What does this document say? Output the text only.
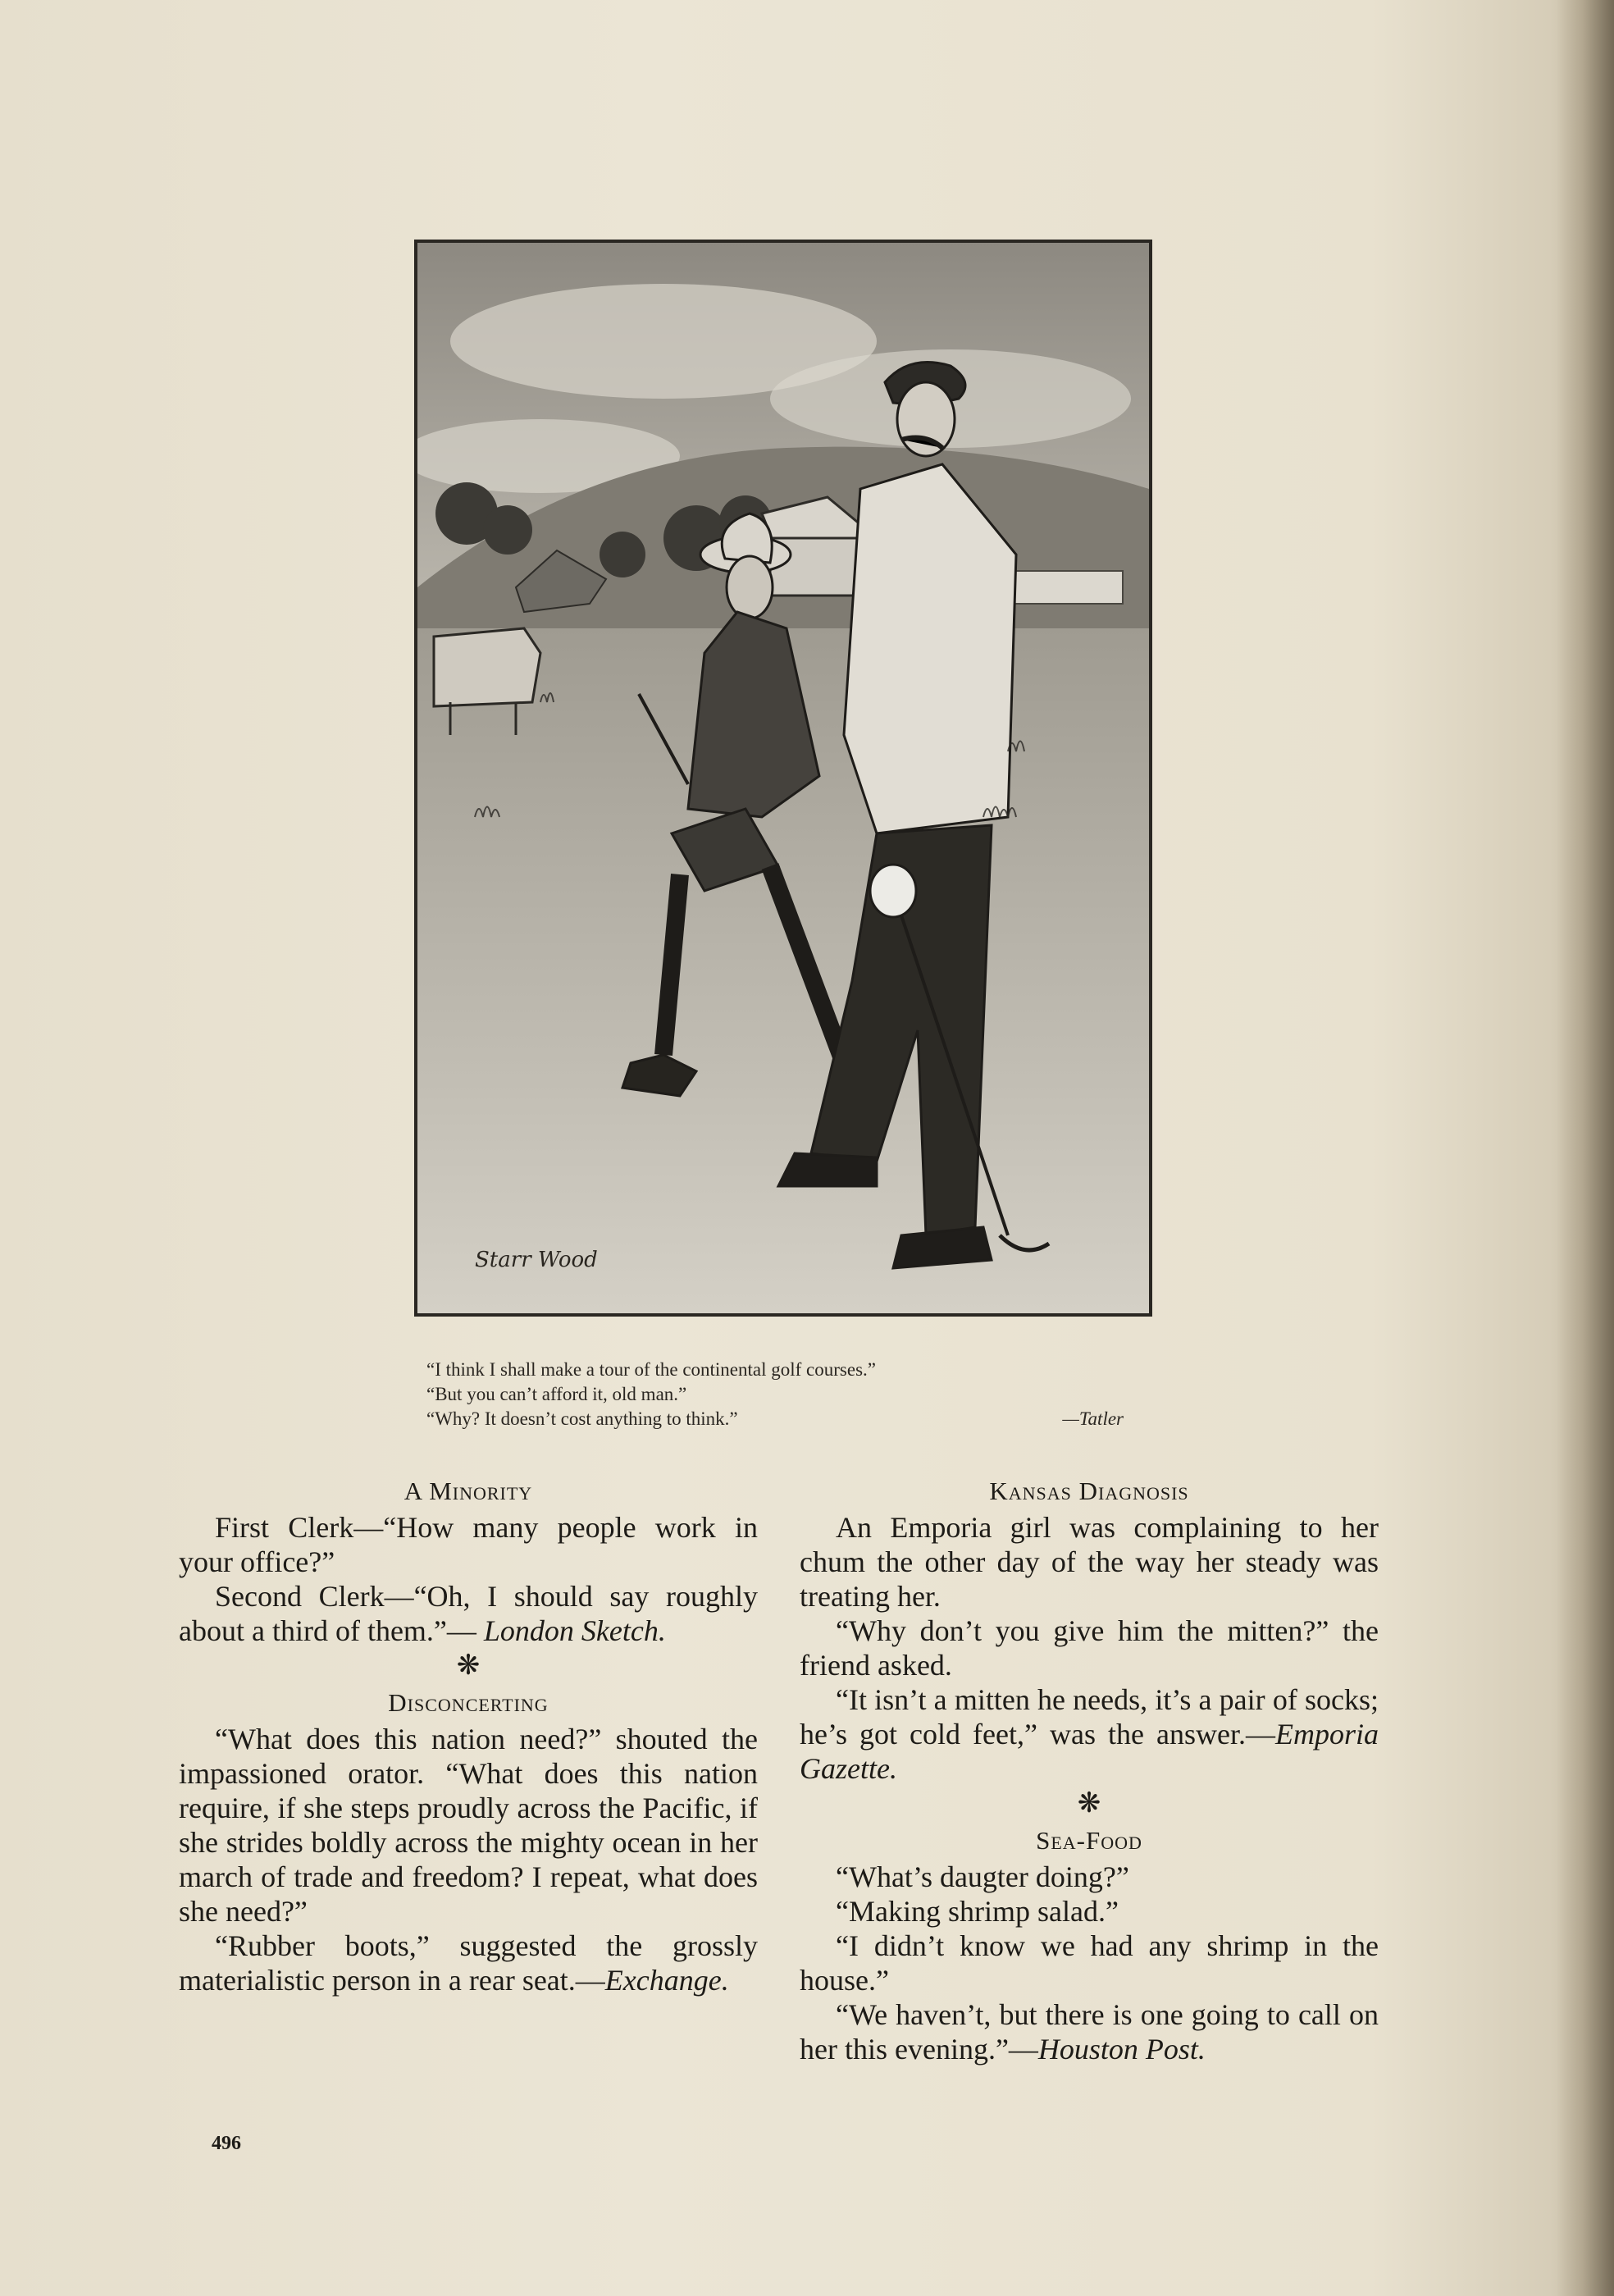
Starr Wood
“I think I shall make a tour of the continental golf courses.”
“But you can’t afford it, old man.”
“Why? It doesn’t cost anything to think.”	—Tatler
A Minority

First Clerk—“How many people work in your office?”

Second Clerk—“Oh, I should say roughly about a third of them.”— London Sketch.

❋
Disconcerting

“What does this nation need?” shouted the impassioned orator. “What does this nation require, if she steps proudly across the Pacific, if she strides boldly across the mighty ocean in her march of trade and freedom? I repeat, what does she need?”

“Rubber boots,” suggested the grossly materialistic person in a rear seat.—Exchange.

Kansas Diagnosis

An Emporia girl was complaining to her chum the other day of the way her steady was treating her.

“Why don’t you give him the mitten?” the friend asked.

“It isn’t a mitten he needs, it’s a pair of socks; he’s got cold feet,” was the answer.—Emporia Gazette.

❋
Sea-Food

“What’s daugter doing?”

“Making shrimp salad.”

“I didn’t know we had any shrimp in the house.”

“We haven’t, but there is one going to call on her this evening.”—Houston Post.

496
